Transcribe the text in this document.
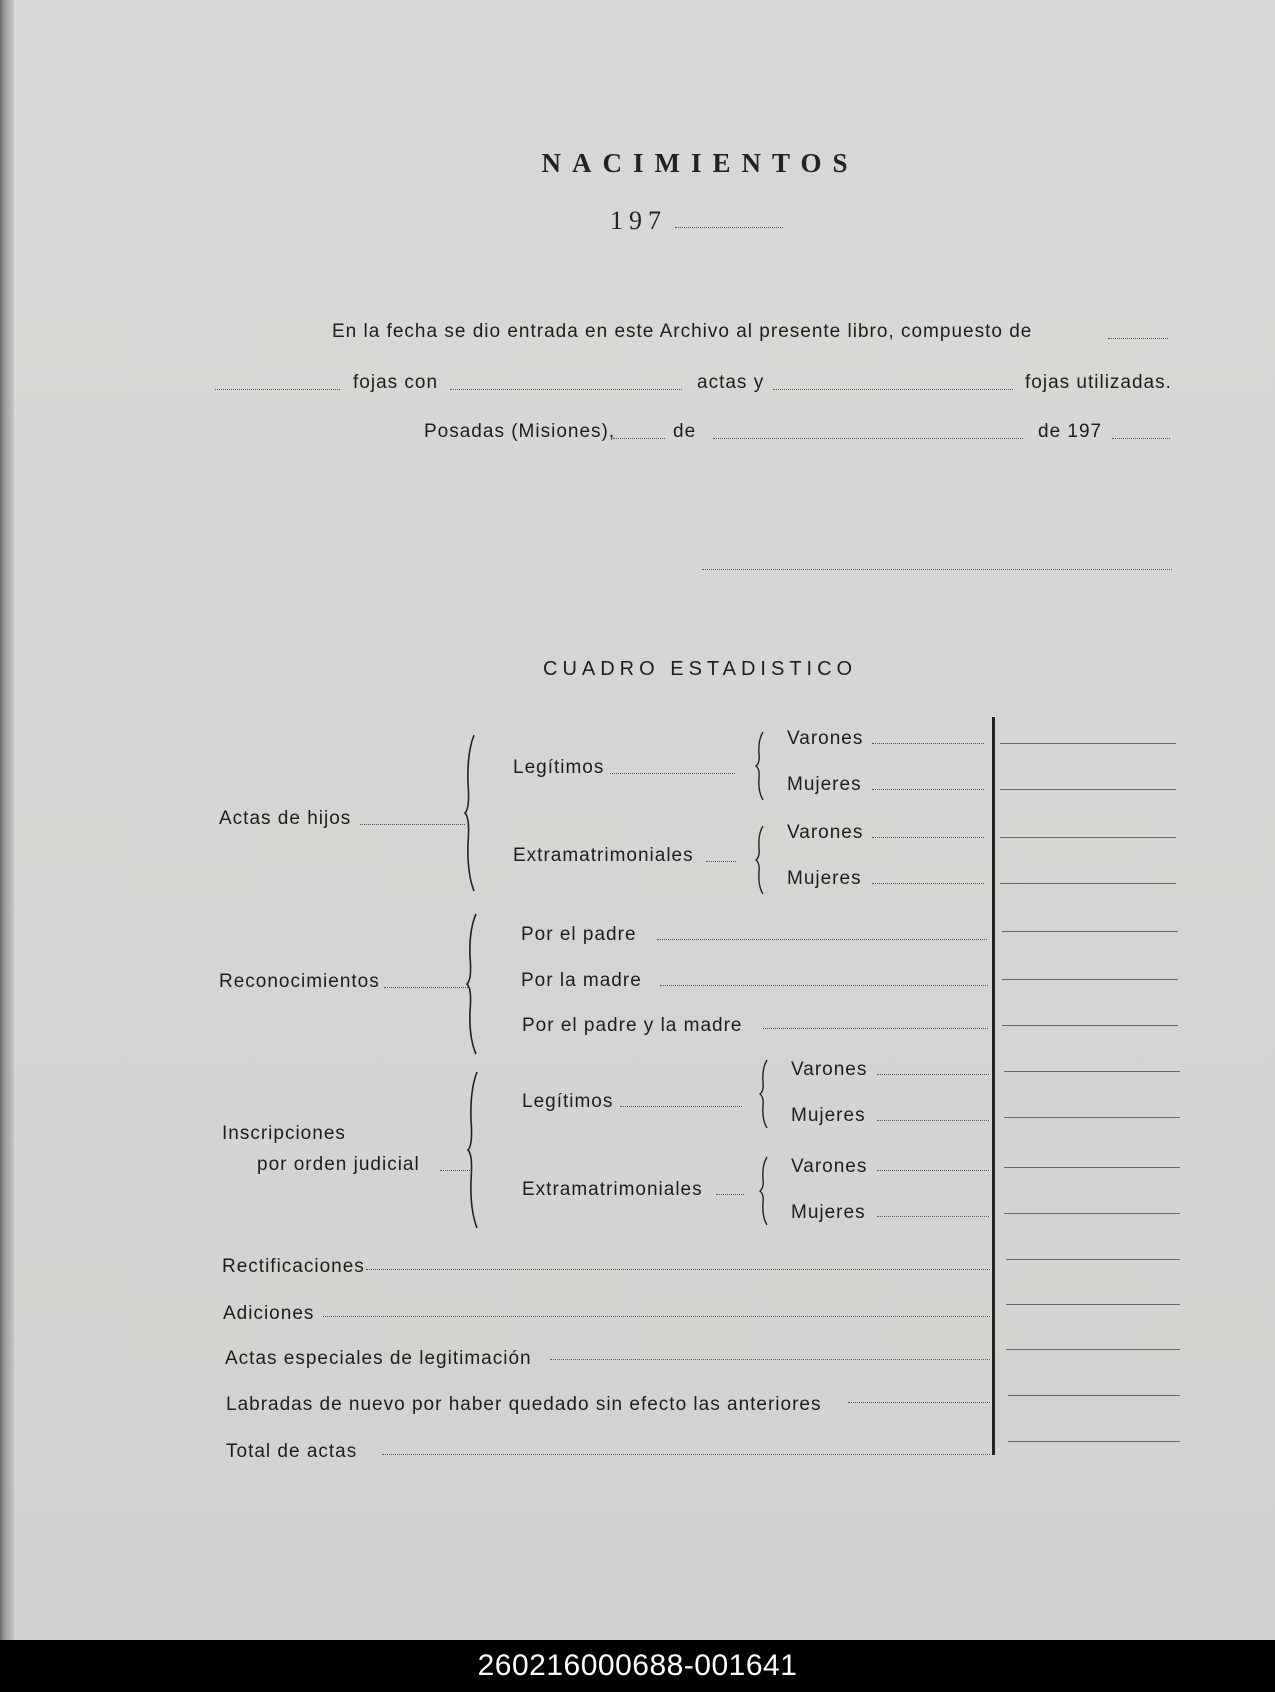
NACIMIENTOS
197
En la fecha se dio entrada en este Archivo al presente libro, compuesto de
fojas con	actas y	fojas utilizadas.
Posadas (Misiones),	de	de 197
CUADRO ESTADISTICO
Actas de hijos
Legítimos
Varones
Mujeres
Extramatrimoniales
Varones
Mujeres
Reconocimientos
Por el padre
Por la madre
Por el padre y la madre
Inscripciones
por orden judicial
Legítimos
Varones
Mujeres
Extramatrimoniales
Varones
Mujeres
Rectificaciones
Adiciones
Actas especiales de legitimación
Labradas de nuevo por haber quedado sin efecto las anteriores
Total de actas
260216000688-001641
